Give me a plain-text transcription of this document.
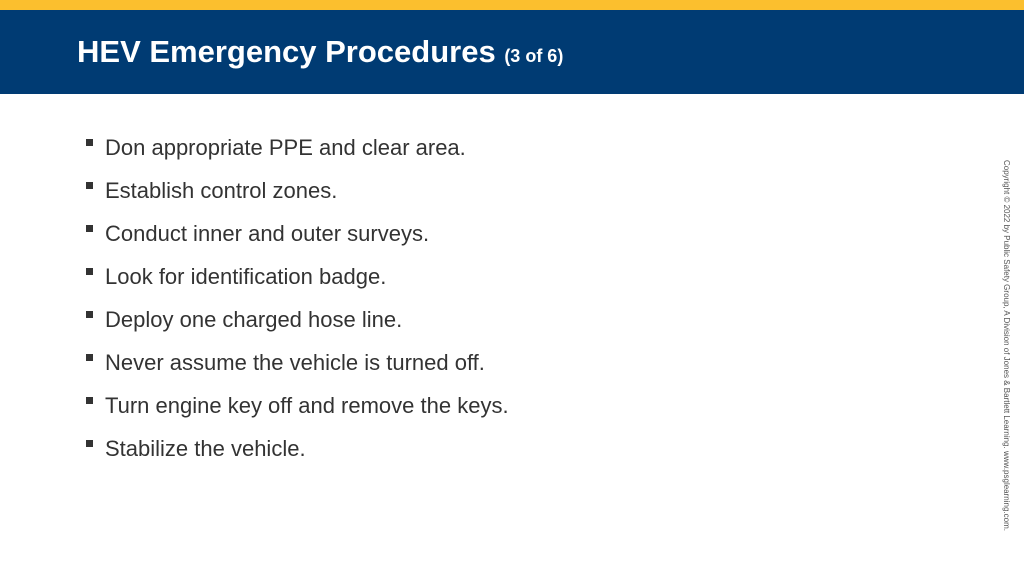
HEV Emergency Procedures (3 of 6)
Don appropriate PPE and clear area.
Establish control zones.
Conduct inner and outer surveys.
Look for identification badge.
Deploy one charged hose line.
Never assume the vehicle is turned off.
Turn engine key off and remove the keys.
Stabilize the vehicle.	Copyright © 2022 by Public Safety Group, A Division of Jones & Bartlett Learning. www.psglearning.com.
